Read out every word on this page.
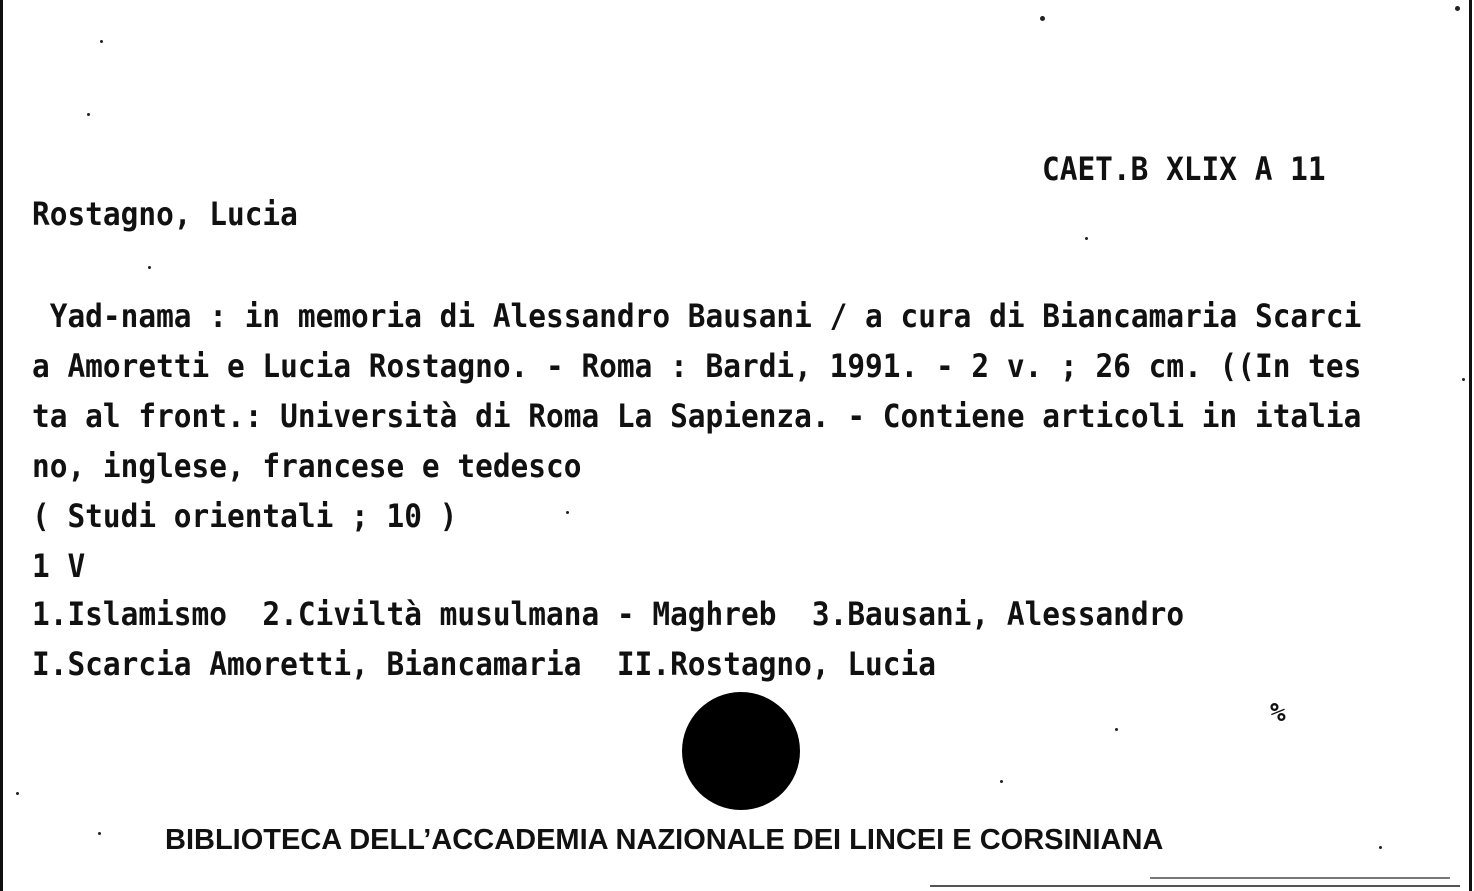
CAET.B XLIX A 11

Rostagno, Lucia

Yad-nama : in memoria di Alessandro Bausani / a cura di Biancamaria Scarci

a Amoretti e Lucia Rostagno. - Roma : Bardi, 1991. - 2 v. ; 26 cm. ((In tes

ta al front.: Università di Roma La Sapienza. - Contiene articoli in italia

no, inglese, francese e tedesco

( Studi orientali ; 10 )

1 V

1.Islamismo  2.Civiltà musulmana - Maghreb  3.Bausani, Alessandro

I.Scarcia Amoretti, Biancamaria  II.Rostagno, Lucia

%
BIBLIOTECA DELL’ACCADEMIA NAZIONALE DEI LINCEI E CORSINIANA
